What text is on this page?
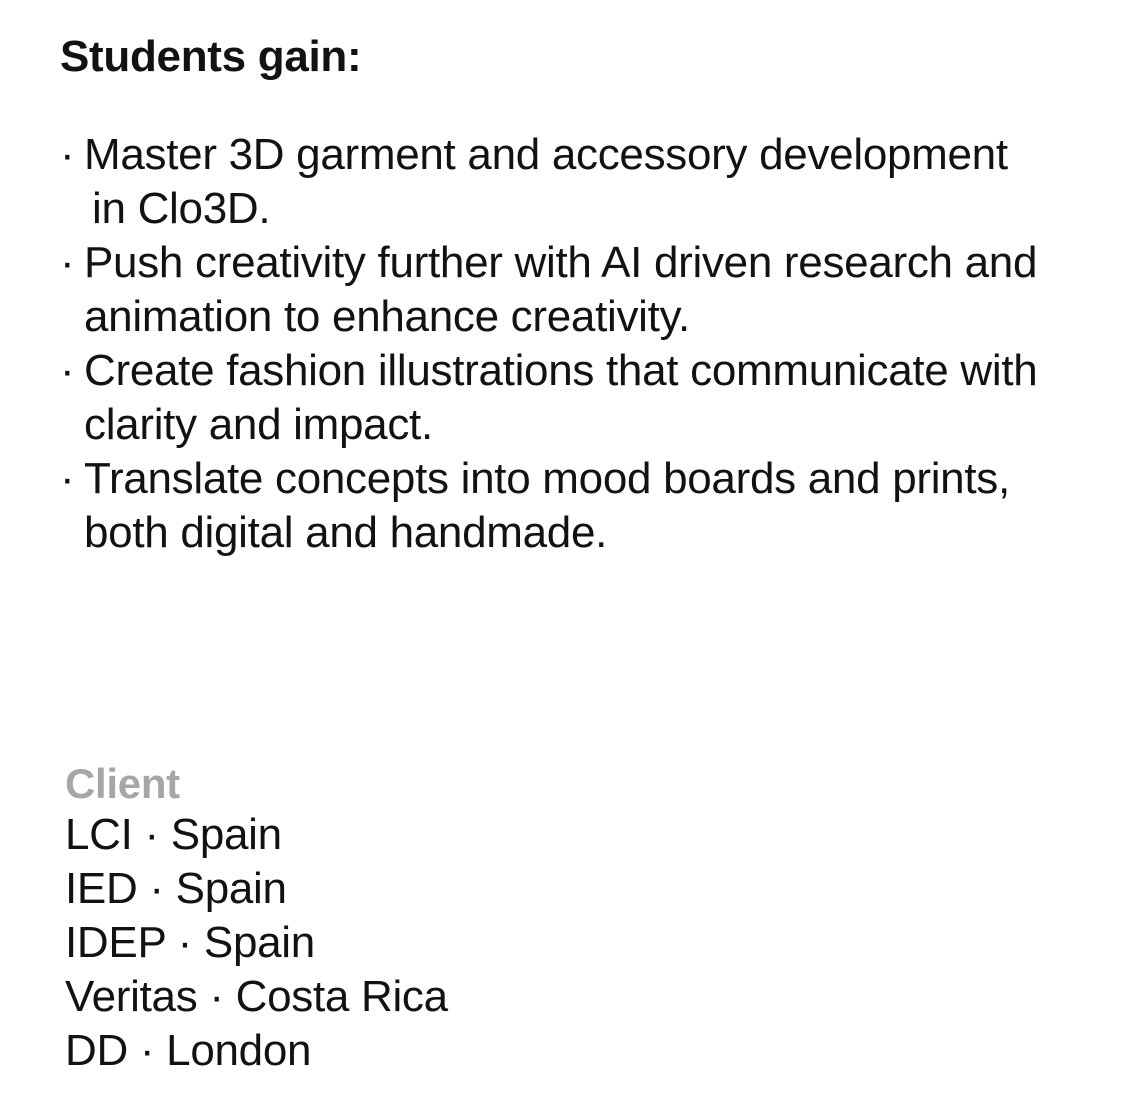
Students gain:
· Master 3D garment and accessory development
in Clo3D.
· Push creativity further with AI driven research and
animation to enhance creativity.
· Create fashion illustrations that communicate with
clarity and impact.
· Translate concepts into mood boards and prints,
both digital and handmade.
Client
LCI · Spain
IED · Spain
IDEP · Spain
Veritas · Costa Rica
DD · London
